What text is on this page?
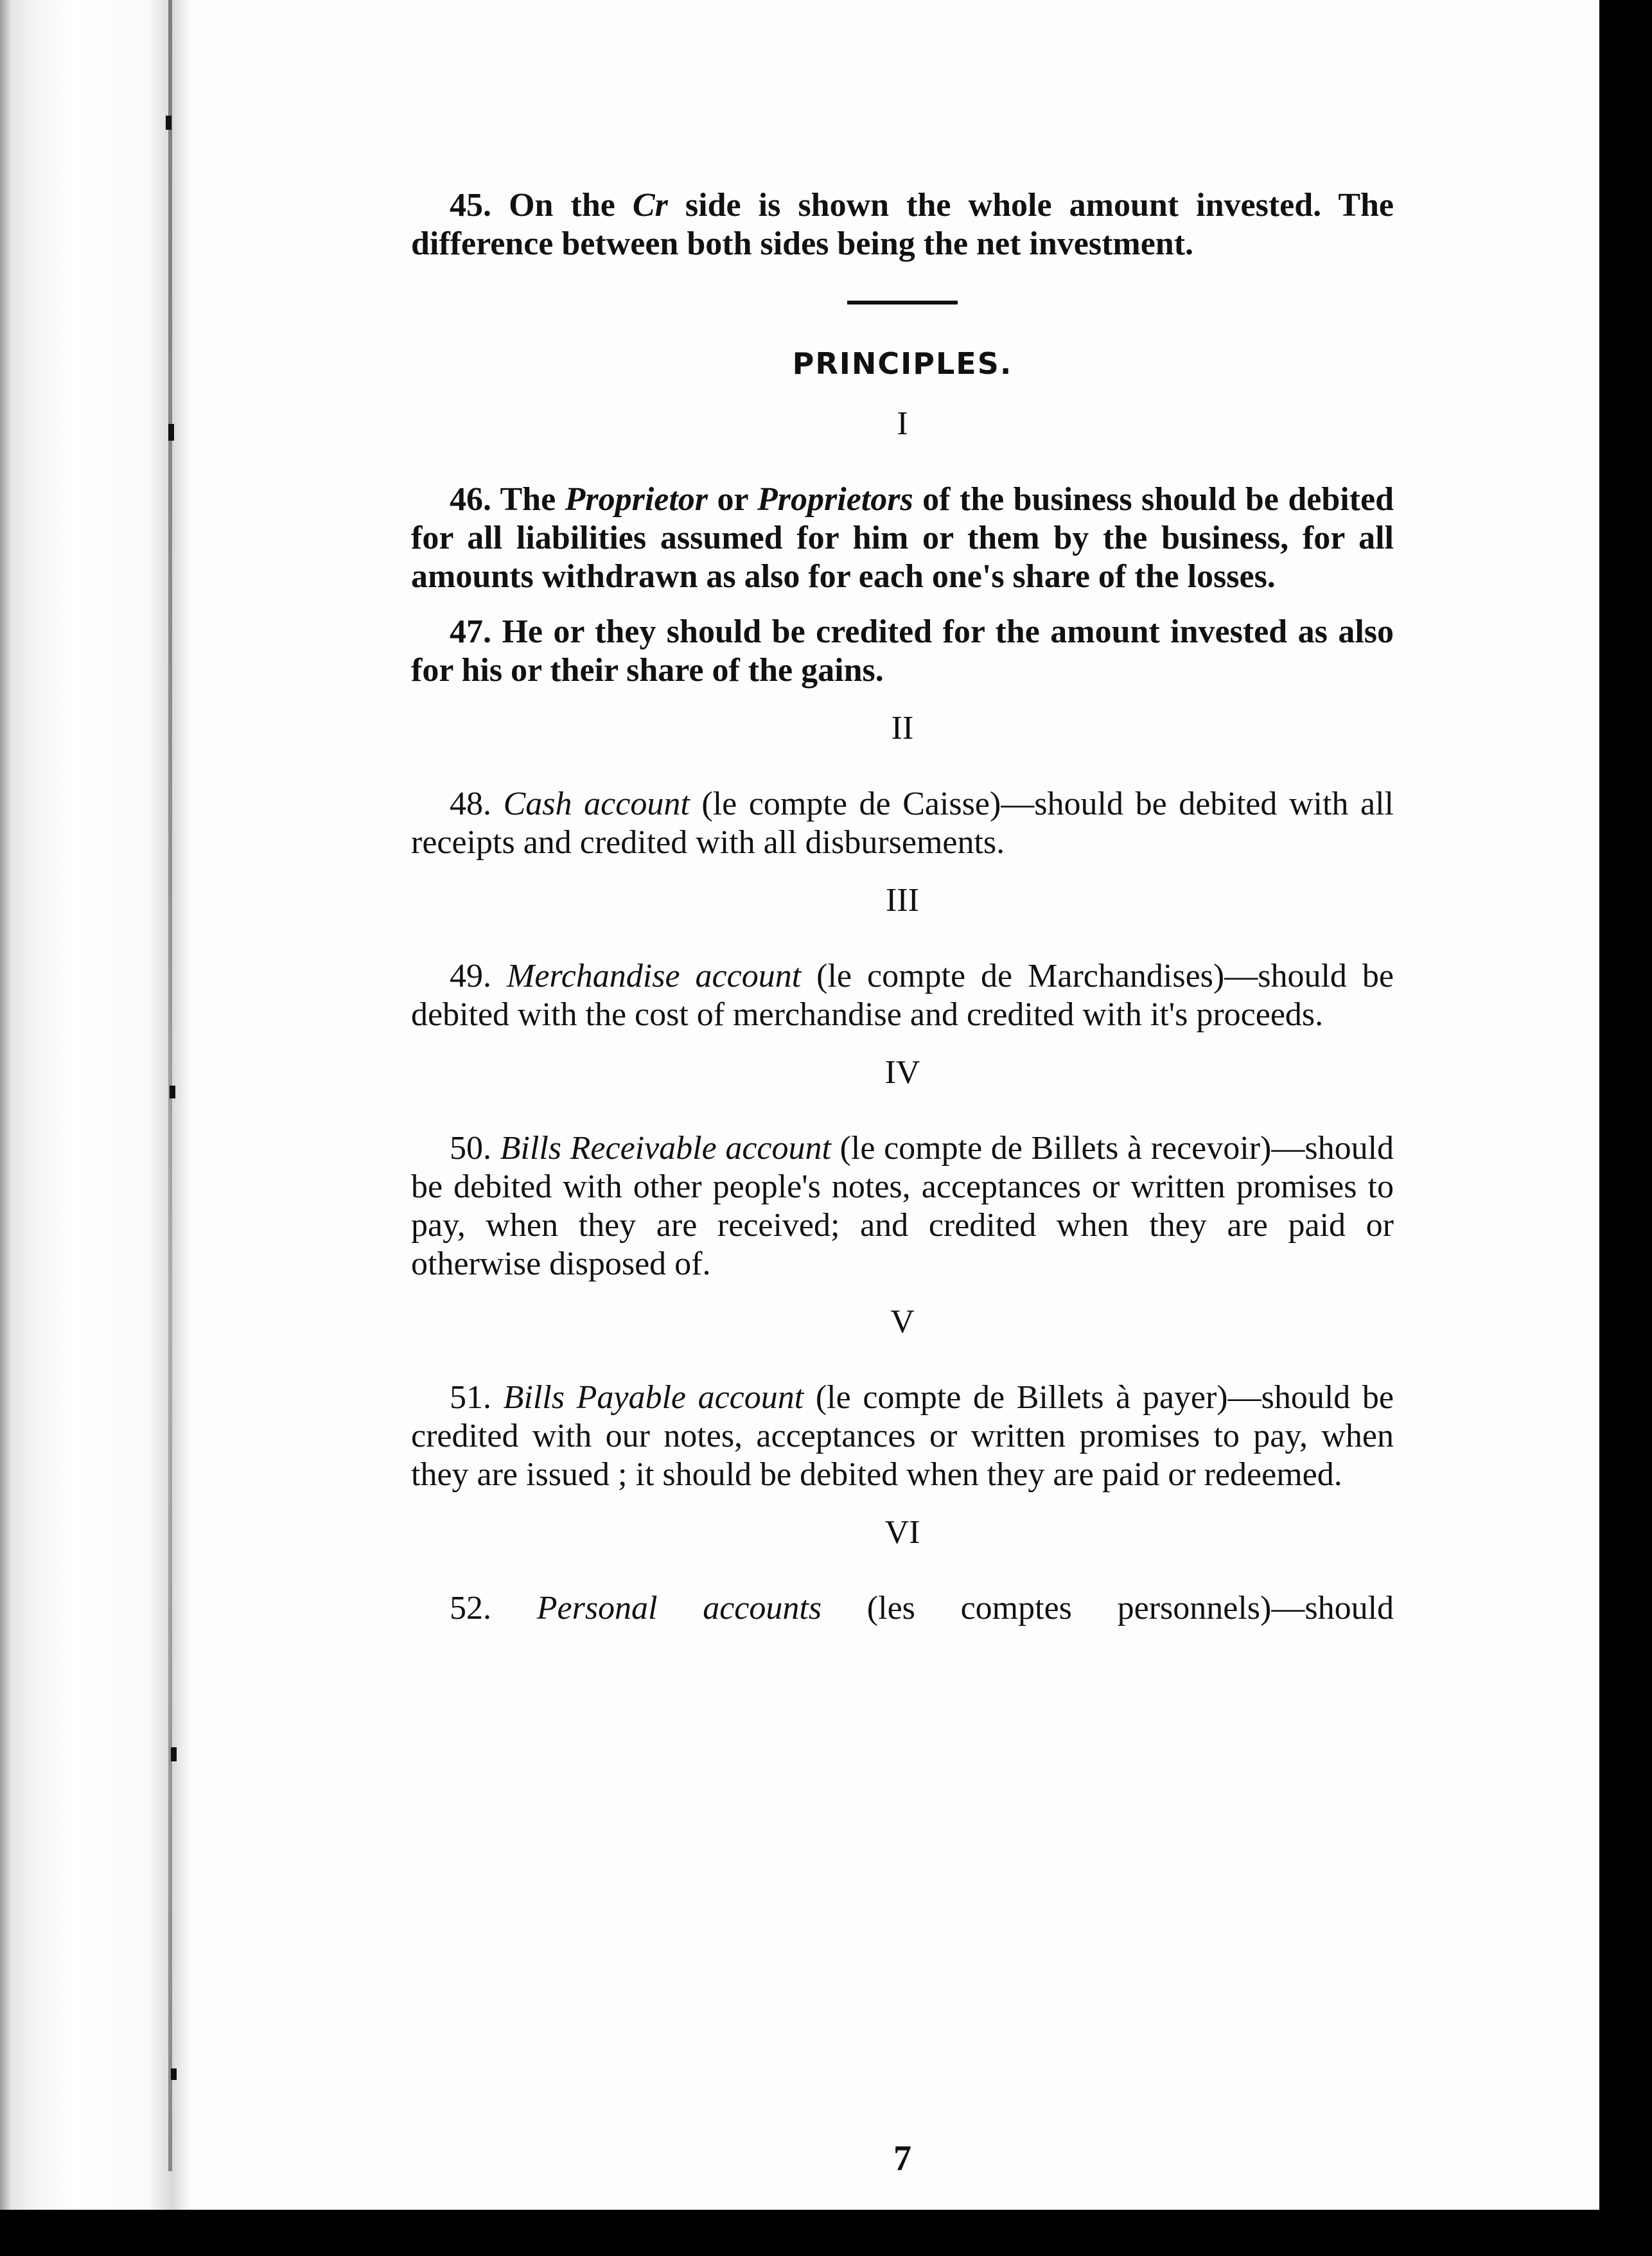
45. On the Cr side is shown the whole amount invested. The difference between both sides being the net investment.

PRINCIPLES.
I

46. The Proprietor or Proprietors of the business should be debited for all liabilities assumed for him or them by the business, for all amounts withdrawn as also for each one's share of the losses.

47. He or they should be credited for the amount invested as also for his or their share of the gains.

II

48. Cash account (le compte de Caisse)—should be debited with all receipts and credited with all disbursements.

III

49. Merchandise account (le compte de Marchandises)—should be debited with the cost of merchandise and credited with it's proceeds.

IV

50. Bills Receivable account (le compte de Billets à recevoir)—should be debited with other people's notes, acceptances or written promises to pay, when they are received; and credited when they are paid or otherwise disposed of.

V

51. Bills Payable account (le compte de Billets à payer)—should be credited with our notes, acceptances or written promises to pay, when they are issued ; it should be debited when they are paid or redeemed.

VI

52. Personal accounts (les comptes personnels)—should

7
